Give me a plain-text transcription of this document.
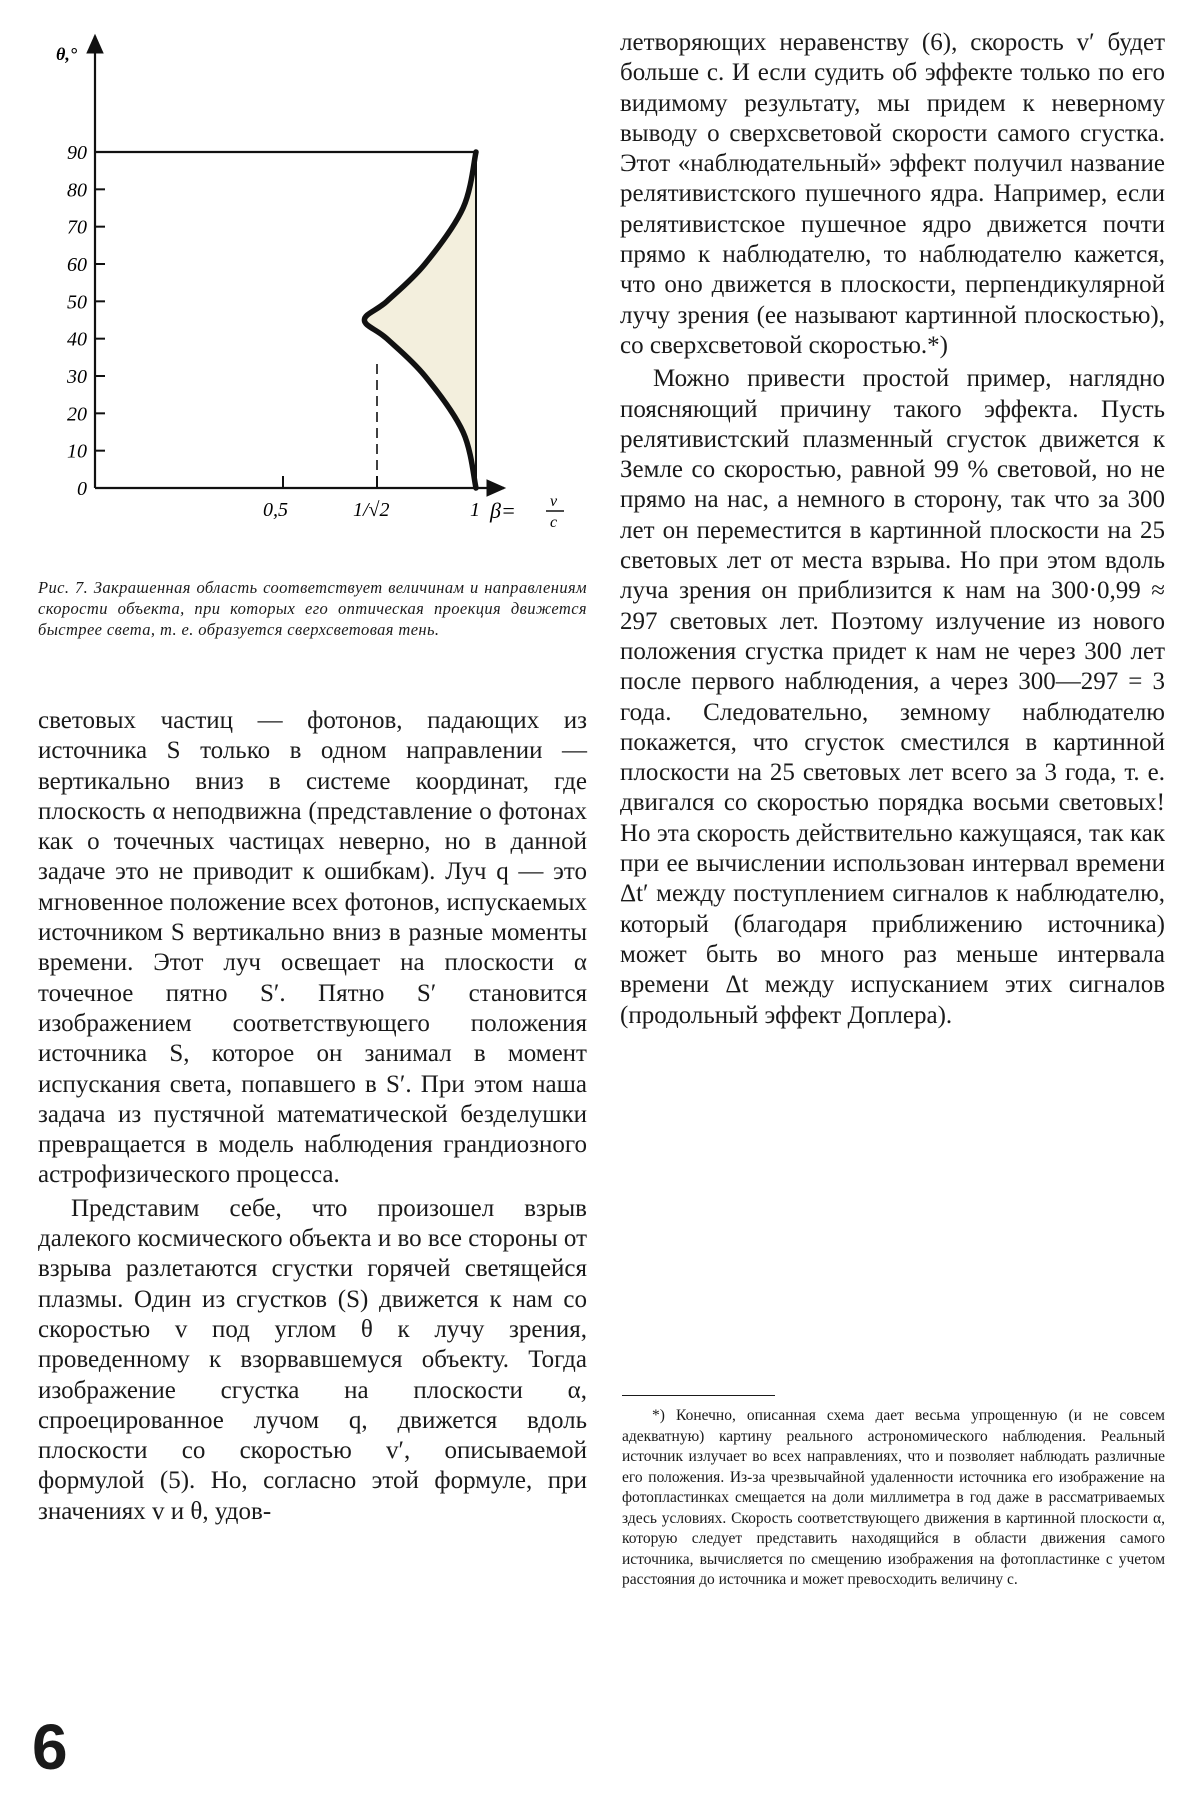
θ,°
0
10
20
30
40
50
60
70
80
90
0,5	1/√2	1 β= v
c

Рис. 7. Закрашенная область соответствует величинам и направлениям скорости объекта, при которых его оптическая проекция движется быстрее света, т. е. образуется сверхсветовая тень.

световых частиц — фотонов, падающих из источника S только в одном направлении — вертикально вниз в системе координат, где плоскость α неподвижна (представление о фотонах как о точечных частицах неверно, но в данной задаче это не приводит к ошибкам). Луч q — это мгновенное положение всех фотонов, испускаемых источником S вертикально вниз в разные моменты времени. Этот луч освещает на плоскости α точечное пятно S′. Пятно S′ становится изображением соответствующего положения источника S, которое он занимал в момент испускания света, попавшего в S′. При этом наша задача из пустячной математической безделушки превращается в модель наблюдения грандиозного астрофизического процесса.

Представим себе, что произошел взрыв далекого космического объекта и во все стороны от взрыва разлетаются сгустки горячей светящейся плазмы. Один из сгустков (S) движется к нам со скоростью v под углом θ к лучу зрения, проведенному к взорвавшемуся объекту. Тогда изображение сгустка на плоскости α, спроецированное лучом q, движется вдоль плоскости со скоростью v′, описываемой формулой (5). Но, согласно этой формуле, при значениях v и θ, удов-

летворяющих неравенству (6), скорость v′ будет больше c. И если судить об эффекте только по его видимому результату, мы придем к неверному выводу о сверхсветовой скорости самого сгустка. Этот «наблюдательный» эффект получил название релятивистского пушечного ядра. Например, если релятивистское пушечное ядро движется почти прямо к наблюдателю, то наблюдателю кажется, что оно движется в плоскости, перпендикулярной лучу зрения (ее называют картинной плоскостью), со сверхсветовой скоростью.*)

Можно привести простой пример, наглядно поясняющий причину такого эффекта. Пусть релятивистский плазменный сгусток движется к Земле со скоростью, равной 99 % световой, но не прямо на нас, а немного в сторону, так что за 300 лет он переместится в картинной плоскости на 25 световых лет от места взрыва. Но при этом вдоль луча зрения он приблизится к нам на 300·0,99 ≈ 297 световых лет. Поэтому излучение из нового положения сгустка придет к нам не через 300 лет после первого наблюдения, а через 300—297 = 3 года. Следовательно, земному наблюдателю покажется, что сгусток сместился в картинной плоскости на 25 световых лет всего за 3 года, т. е. двигался со скоростью порядка восьми световых! Но эта скорость действительно кажущаяся, так как при ее вычислении использован интервал времени Δt′ между поступлением сигналов к наблюдателю, который (благодаря приближению источника) может быть во много раз меньше интервала времени Δt между испусканием этих сигналов (продольный эффект Доплера).

*) Конечно, описанная схема дает весьма упрощенную (и не совсем адекватную) картину реального астрономического наблюдения. Реальный источник излучает во всех направлениях, что и позволяет наблюдать различные его положения. Из-за чрезвычайной удаленности источника его изображение на фотопластинках смещается на доли миллиметра в год даже в рассматриваемых здесь условиях. Скорость соответствующего движения в картинной плоскости α, которую следует представить находящийся в области движения самого источника, вычисляется по смещению изображения на фотопластинке с учетом расстояния до источника и может превосходить величину c.

6
